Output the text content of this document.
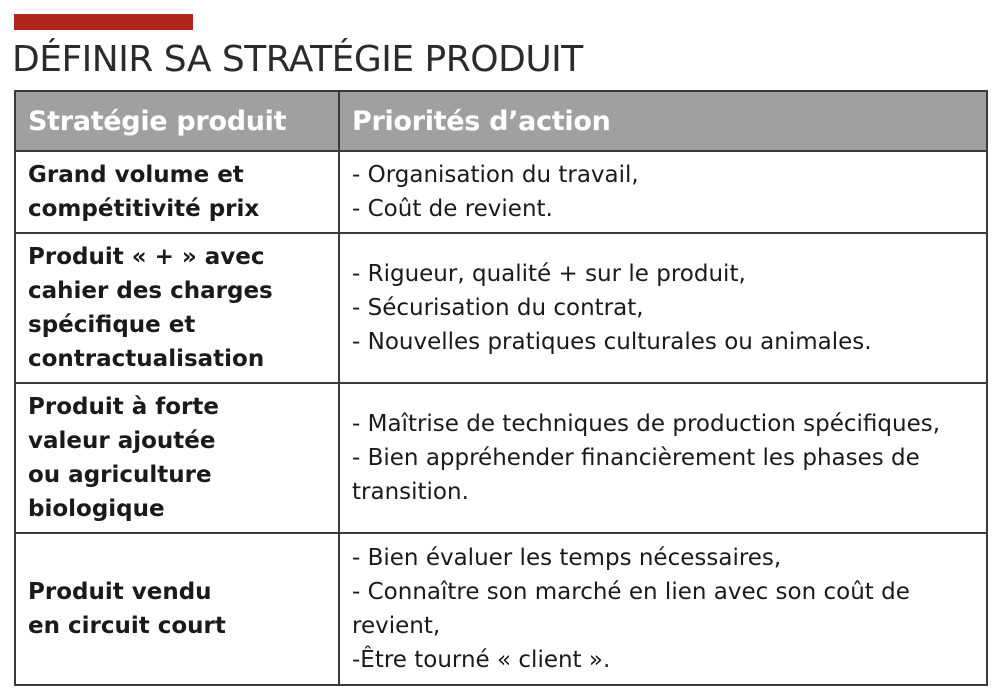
DÉFINIR SA STRATÉGIE PRODUIT
Stratégie produit	Priorités d’action

Grand volume et
compétitivité prix	- Organisation du travail,
- Coût de revient.

Produit « + » avec
cahier des charges
spécifique et
contractualisation	- Rigueur, qualité + sur le produit,
- Sécurisation du contrat,
- Nouvelles pratiques culturales ou animales.

Produit à forte
valeur ajoutée
ou agriculture
biologique	- Maîtrise de techniques de production spécifiques,
- Bien appréhender financièrement les phases de transition.

Produit vendu
en circuit court	- Bien évaluer les temps nécessaires,
- Connaître son marché en lien avec son coût de revient,
-Être tourné « client ».
